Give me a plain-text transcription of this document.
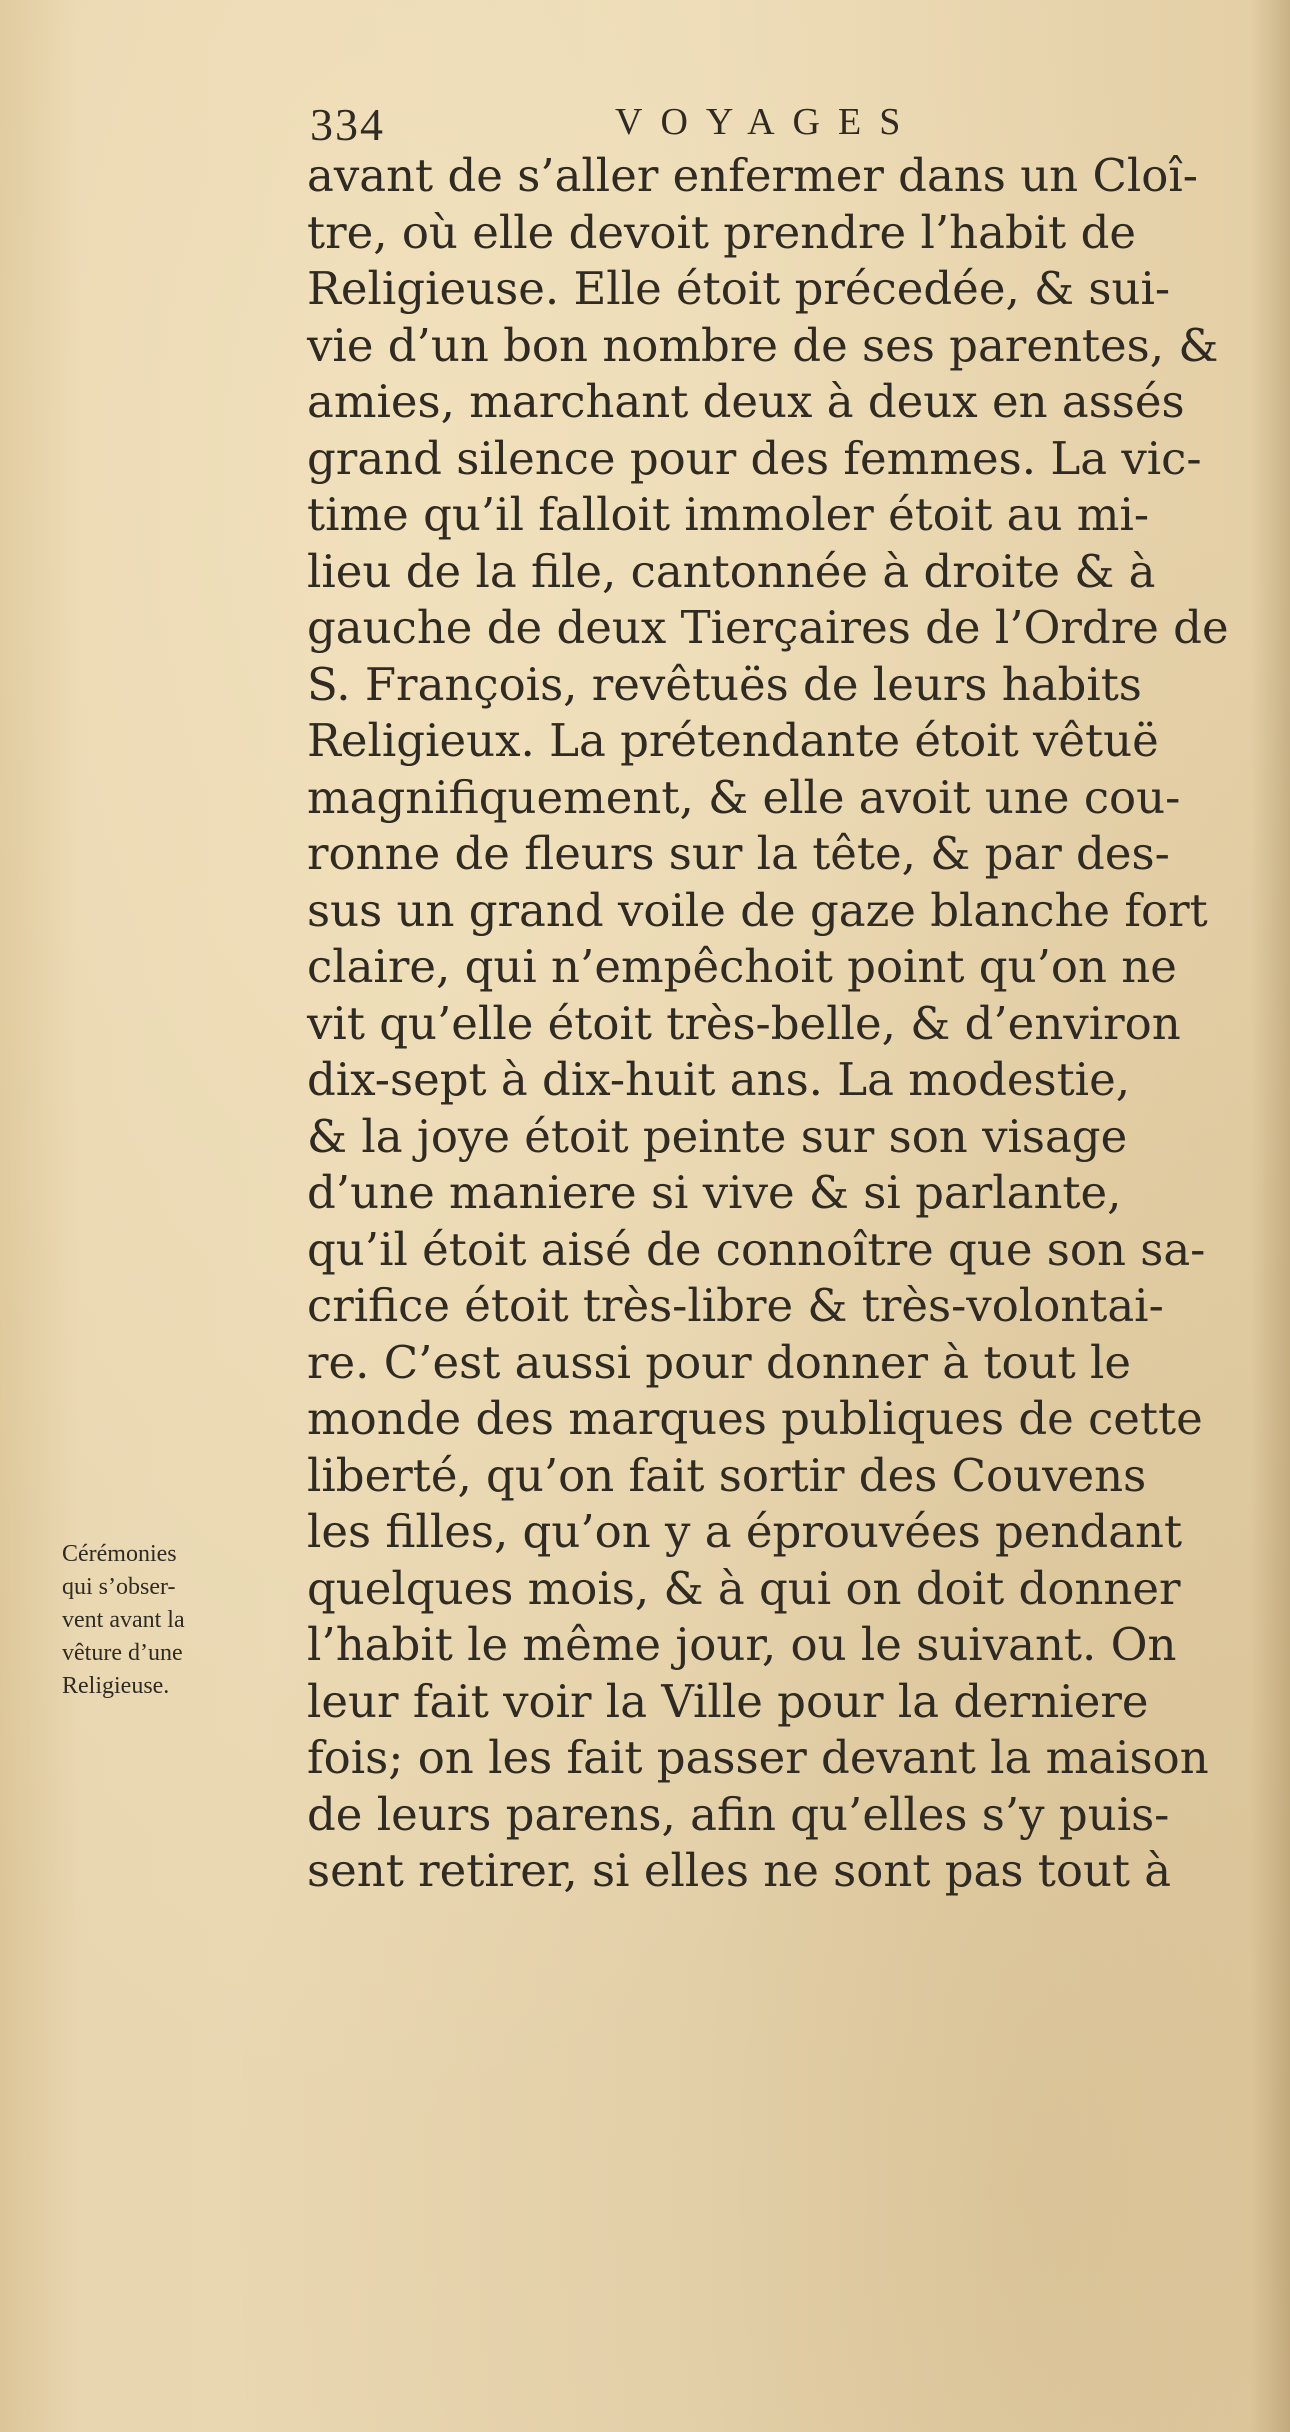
334	VOYAGES
avant de s’aller enfermer dans un Cloî-
tre, où elle devoit prendre l’habit de
Religieuse. Elle étoit précedée, & sui-
vie d’un bon nombre de ses parentes, &
amies, marchant deux à deux en assés
grand silence pour des femmes. La vic-
time qu’il falloit immoler étoit au mi-
lieu de la file, cantonnée à droite & à
gauche de deux Tierçaires de l’Ordre de
S. François, revêtuës de leurs habits
Religieux. La prétendante étoit vêtuë
magnifiquement, & elle avoit une cou-
ronne de fleurs sur la tête, & par des-
sus un grand voile de gaze blanche fort
claire, qui n’empêchoit point qu’on ne
vit qu’elle étoit très-belle, & d’environ
dix-sept à dix-huit ans. La modestie,
& la joye étoit peinte sur son visage
d’une maniere si vive & si parlante,
qu’il étoit aisé de connoître que son sa-
crifice étoit très-libre & très-volontai-
re. C’est aussi pour donner à tout le
monde des marques publiques de cette
liberté, qu’on fait sortir des Couvens
les filles, qu’on y a éprouvées pendant
quelques mois, & à qui on doit donner
l’habit le même jour, ou le suivant. On
leur fait voir la Ville pour la derniere
fois; on les fait passer devant la maison
de leurs parens, afin qu’elles s’y puis-
sent retirer, si elles ne sont pas tout à
Cérémonies
qui s’obser-
vent avant la
vêture d’une
Religieuse.
